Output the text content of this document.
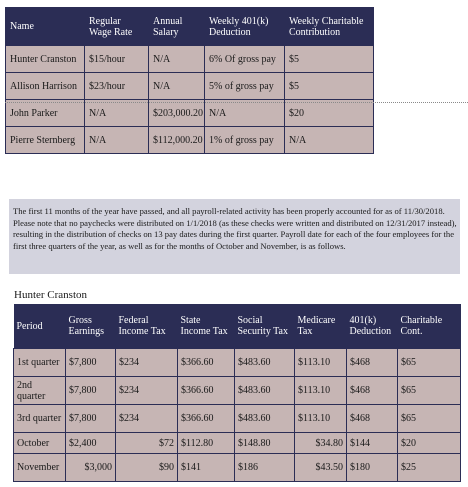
Name	Regular Wage Rate	Annual Salary	Weekly 401(k) Deduction	Weekly Charitable Contribution
Hunter Cranston	$15/hour	N/A	6% Of gross pay	$5
Allison Harrison	$23/hour	N/A	5% of gross pay	$5
John Parker	N/A	$203,000.20	N/A	$20
Pierre Sternberg	N/A	$112,000.20	1% of gross pay	N/A

The first 11 months of the year have passed, and all payroll-related activity has been properly accounted for as of 11/30/2018. Please note that no paychecks were distributed on 1/1/2018 (as these checks were written and distributed on 12/31/2017 instead), resulting in the distribution of checks on 13 pay dates during the first quarter. Payroll date for each of the four employees for the first three quarters of the year, as well as for the months of October and November, is as follows.

Hunter Cranston

Period	Gross Earnings	Federal Income Tax	State Income Tax	Social Security Tax	Medicare Tax	401(k) Deduction	Charitable Cont.
1st quarter	$7,800	$234	$366.60	$483.60	$113.10	$468	$65
2nd quarter	$7,800	$234	$366.60	$483.60	$113.10	$468	$65
3rd quarter	$7,800	$234	$366.60	$483.60	$113.10	$468	$65
October	$2,400	$72	$112.80	$148.80	$34.80	$144	$20
November	$3,000	$90	$141	$186	$43.50	$180	$25
